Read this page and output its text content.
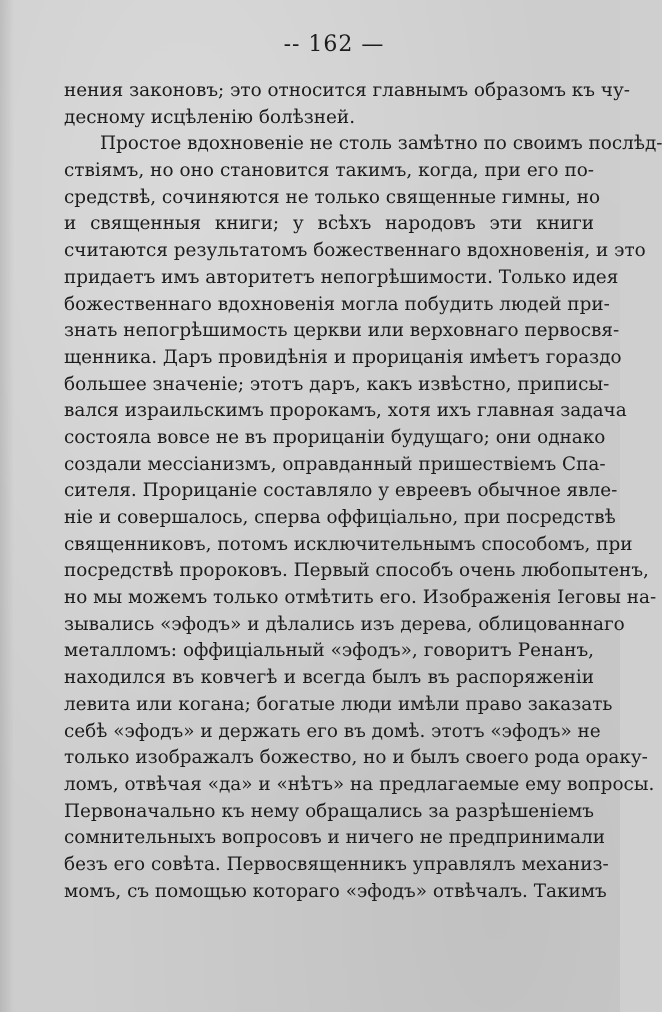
-- 162 —
нения законовъ; это относится главнымъ образомъ къ чу-
десному исцѣленiю болѣзней.
Простое вдохновенiе не столь замѣтно по своимъ послѣд-
ствiямъ, но оно становится такимъ, когда, при его по-
средствѣ, сочиняются не только священные гимны, но
и священныя книги; у всѣхъ народовъ эти книги
считаются результатомъ божественнаго вдохновенiя, и это
придаетъ имъ авторитетъ непогрѣшимости. Только идея
божественнаго вдохновенiя могла побудить людей при-
знать непогрѣшимость церкви или верховнаго первосвя-
щенника. Даръ провидѣнiя и прорицанiя имѣетъ гораздо
большее значенiе; этотъ даръ, какъ извѣстно, приписы-
вался израильскимъ пророкамъ, хотя ихъ главная задача
состояла вовсе не въ прорицанiи будущаго; они однако
создали мессiанизмъ, оправданный пришествiемъ Спа-
сителя. Прорицанiе составляло у евреевъ обычное явле-
нiе и совершалось, сперва оффицiально, при посредствѣ
священниковъ, потомъ исключительнымъ способомъ, при
посредствѣ пророковъ. Первый способъ очень любопытенъ,
но мы можемъ только отмѣтить его. Изображенiя Iеговы на-
зывались «эфодъ» и дѣлались изъ дерева, облицованнаго
металломъ: оффицiальный «эфодъ», говоритъ Ренанъ,
находился въ ковчегѣ и всегда былъ въ распоряженiи
левита или когана; богатые люди имѣли право заказать
себѣ «эфодъ» и держать его въ домѣ. этотъ «эфодъ» не
только изображалъ божество, но и былъ своего рода ораку-
ломъ, отвѣчая «да» и «нѣтъ» на предлагаемые ему вопросы.
Первоначально къ нему обращались за разрѣшенiемъ
сомнительныхъ вопросовъ и ничего не предпринимали
безъ его совѣта. Первосвященникъ управлялъ механиз-
момъ, съ помощью котораго «эфодъ» отвѣчалъ. Такимъ
